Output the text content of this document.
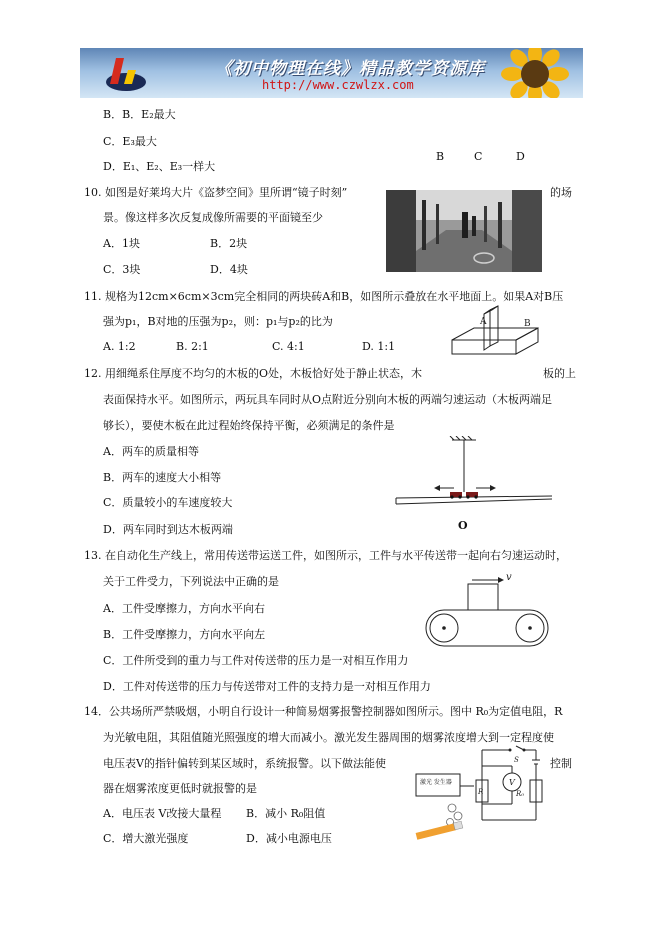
《初中物理在线》精品教学资源库
http://www.czwlzx.com
B．B．E₂最大
C．E₃最大
D．E₁、E₂、E₃一样大
B	C	D
10. 如图是好莱坞大片《盗梦空间》里所谓“镜子时刻”	的场
景。像这样多次反复成像所需要的平面镜至少
A．1块	B．2块
C．3块	D．4块
11. 规格为12cm×6cm×3cm完全相同的两块砖A和B，如图所示叠放在水平地面上。如果A对B压
强为p₁，B对地的压强为p₂，则：p₁与p₂的比为
A. 1:2	B. 2:1	C. 4:1	D. 1:1
A	B
12. 用细绳系住厚度不均匀的木板的O处，木板恰好处于静止状态，木	板的上
表面保持水平。如图所示，两玩具车同时从O点附近分别向木板的两端匀速运动（木板两端足
够长），要使木板在此过程始终保持平衡，必须满足的条件是
A．两车的质量相等
B．两车的速度大小相等
C．质量较小的车速度较大
D．两车同时到达木板两端	O
13. 在自动化生产线上，常用传送带运送工件，如图所示，工件与水平传送带一起向右匀速运动时，
关于工件受力，下列说法中正确的是
A．工件受摩擦力，方向水平向右
B．工件受摩擦力，方向水平向左
C．工件所受到的重力与工件对传送带的压力是一对相互作用力
D．工件对传送带的压力与传送带对工件的支持力是一对相互作用力
v
14．公共场所严禁吸烟，小明自行设计一种简易烟雾报警控制器如图所示。图中 R₀为定值电阻，R
为光敏电阻，其阻值随光照强度的增大而减小。激光发生器周围的烟雾浓度增大到一定程度使
电压表V的指针偏转到某区域时，系统报警。以下做法能使	控制
器在烟雾浓度更低时就报警的是
A．电压表 V改接大量程 B．减小 R₀阻值
C．增大激光强度	D．减小电源电压
激光 发生器
S
V
R	R₀
